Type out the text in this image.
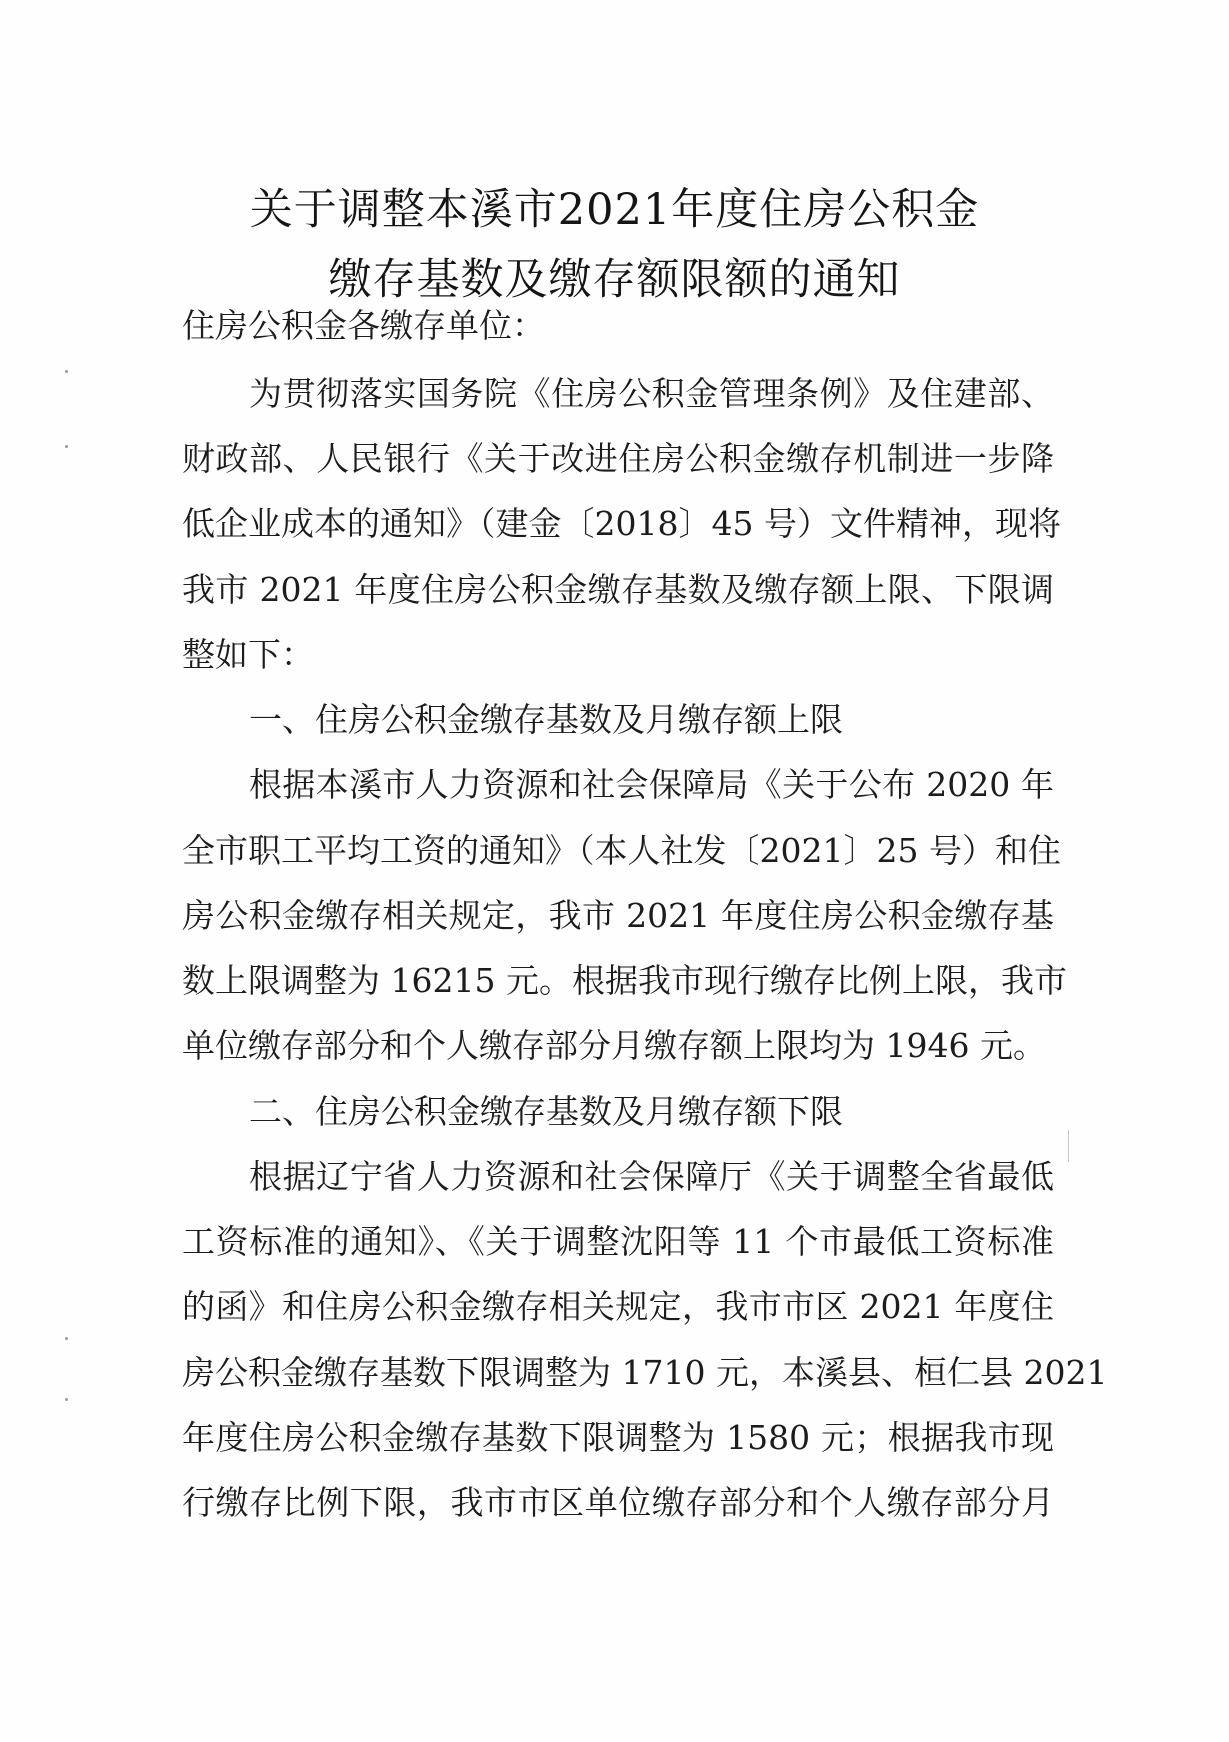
关于调整本溪市2021年度住房公积金
缴存基数及缴存额限额的通知
住房公积金各缴存单位：
为贯彻落实国务院《住房公积金管理条例》及住建部、
财政部、人民银行《关于改进住房公积金缴存机制进一步降
低企业成本的通知》（建金〔2018〕45 号）文件精神，现将
我市 2021 年度住房公积金缴存基数及缴存额上限、下限调
整如下：
一、住房公积金缴存基数及月缴存额上限
根据本溪市人力资源和社会保障局《关于公布 2020 年
全市职工平均工资的通知》（本人社发〔2021〕25 号）和住
房公积金缴存相关规定，我市 2021 年度住房公积金缴存基
数上限调整为 16215 元。根据我市现行缴存比例上限，我市
单位缴存部分和个人缴存部分月缴存额上限均为 1946 元。
二、住房公积金缴存基数及月缴存额下限
根据辽宁省人力资源和社会保障厅《关于调整全省最低
工资标准的通知》、《关于调整沈阳等 11 个市最低工资标准
的函》和住房公积金缴存相关规定，我市市区 2021 年度住
房公积金缴存基数下限调整为 1710 元，本溪县、桓仁县 2021
年度住房公积金缴存基数下限调整为 1580 元；根据我市现
行缴存比例下限，我市市区单位缴存部分和个人缴存部分月
